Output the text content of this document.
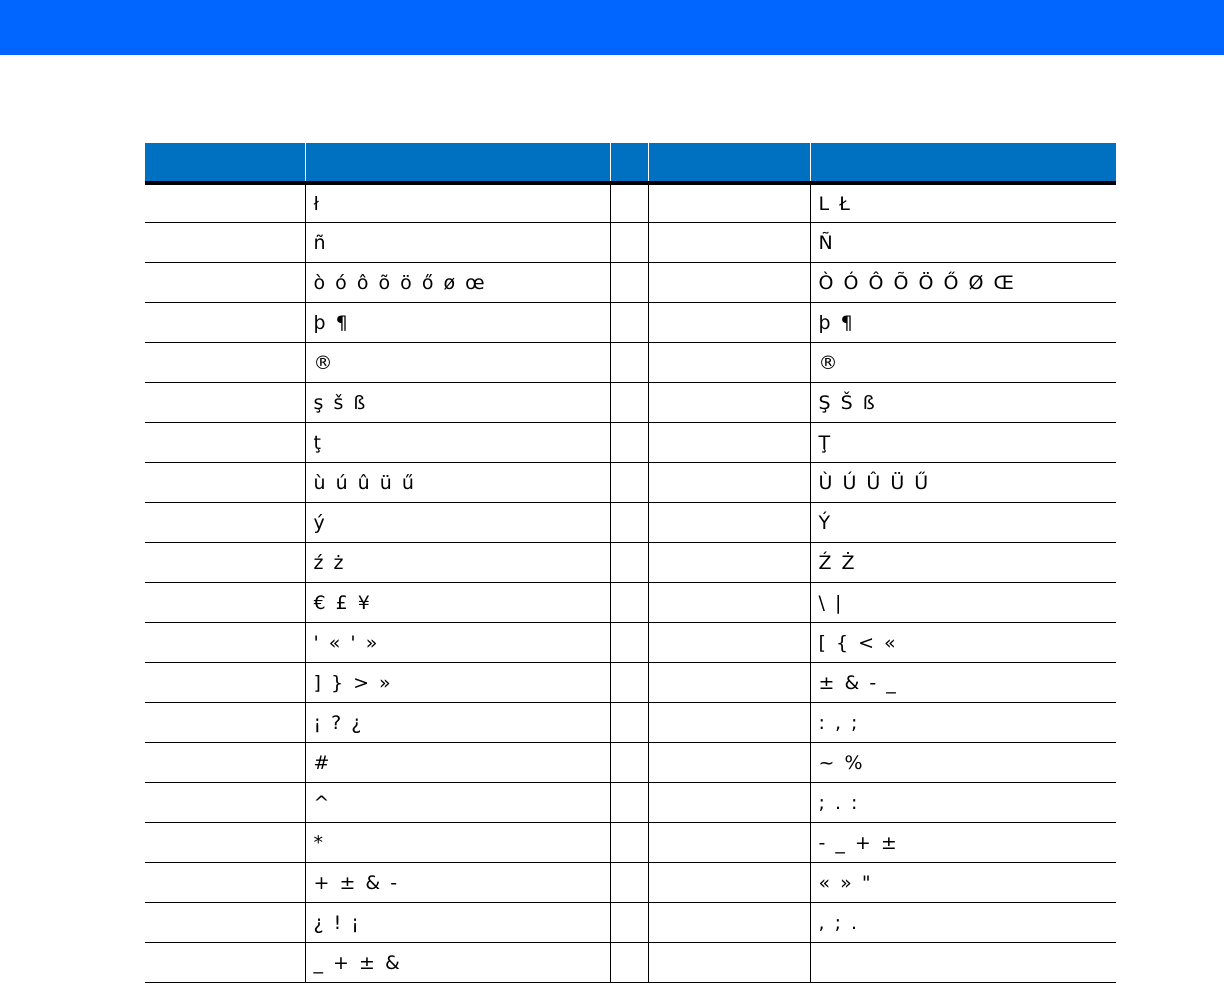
	ł			L Ł
	ñ			Ñ
	ò ó ô õ ö ő ø œ			Ò Ó Ô Õ Ö Ő Ø Œ
	þ ¶			þ ¶
	®			®
	ş š ß			Ş Š ß
	ţ			Ţ
	ù ú û ü ű			Ù Ú Û Ü Ű
	ý			Ý
	ź ż			Ź Ż
	€ £ ¥			\ |
	' « ' »			[ { < «
	] } > »			± & - _
	¡ ? ¿			: , ;
	#			~ %
	^			; . :
	*			- _ + ±
	+ ± & -			« » "
	¿ ! ¡			, ; .
	_ + ± &			
